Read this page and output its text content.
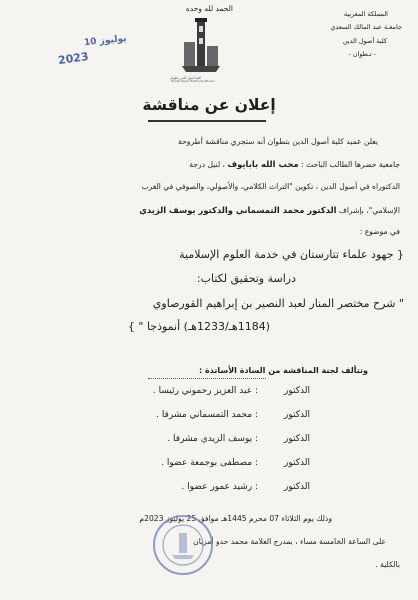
الحمد لله وحده
المملكة المغربية
جامعـة عبد المالك السعدي
كلية أصول الدين
- تـطوان -
كلية أصول الدين تطوان
Faculté Ossoul Eddine de Tétouan
10 يوليوز
2023
إعلان عن مناقشة
يعلن عميد كلية أصول الدين بتطوان أنه ستجري مناقشة أطروحة
جامعية حضرها الطالب الباحث : محب الله بابايوف ، لنيل درجة
الدكتوراه في أصول الدين ، تكوين "التراث الكلامي، والأصولي، والصوفي في الغرب
الإسلامي"، بإشراف الدكتور محمد التمسماني والدكتور يوسف الزيدي
في موضوع :
{ جهود علماء تتارستان في خدمة العلوم الإسلامية
دراسة وتحقيق لكتاب:
" شرح مختصر المنار لعبد النصير بن إبراهيم القورصاوي
(1184هـ/1233هـ) أنموذجا " }
وتتألف لجنة المناقشة من السادة الأساتذة :
الدكتور
: عبد العزيز رحموني رئيسا .
الدكتور
: محمد التمسماني مشرفا .
الدكتور
: يوسف الزيدي مشرفا .
الدكتور
: مصطفى بوجمعة عضوا .
الدكتور
: رشيد عمور عضوا .
وذلك يوم الثلاثاء 07 محرم 1445هـ موافق 25 يوليوز 2023م
على الساعة الخامسة مساء ، بمدرج العلامة محمد حدو أمزيان
بالكلية .
